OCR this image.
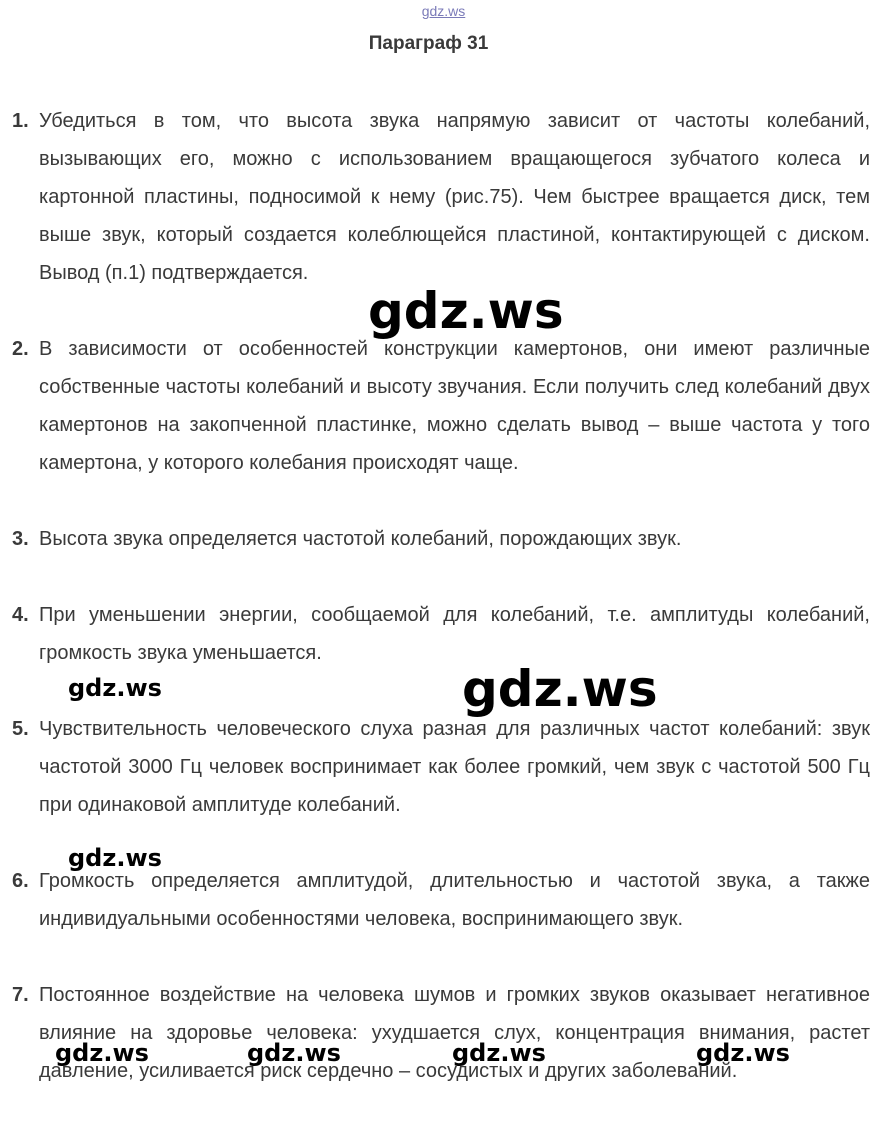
gdz.ws
Параграф 31
1. Убедиться в том, что высота звука напрямую зависит от частоты колебаний, вызывающих его, можно с использованием вращающегося зубчатого колеса и картонной пластины, подносимой к нему (рис.75). Чем быстрее вращается диск, тем выше звук, который создается колеблющейся пластиной, контактирующей с диском. Вывод (п.1) подтверждается.
2. В зависимости от особенностей конструкции камертонов, они имеют различные собственные частоты колебаний и высоту звучания. Если получить след колебаний двух камертонов на закопченной пластинке, можно сделать вывод – выше частота у того камертона, у которого колебания происходят чаще.
3. Высота звука определяется частотой колебаний, порождающих звук.
4. При уменьшении энергии, сообщаемой для колебаний, т.е. амплитуды колебаний, громкость звука уменьшается.
5. Чувствительность человеческого слуха разная для различных частот колебаний: звук частотой 3000 Гц человек воспринимает как более громкий, чем звук с частотой 500 Гц при одинаковой амплитуде колебаний.
6. Громкость определяется амплитудой, длительностью и частотой звука, а также индивидуальными особенностями человека, воспринимающего звук.
7. Постоянное воздействие на человека шумов и громких звуков оказывает негативное влияние на здоровье человека: ухудшается слух, концентрация внимания, растет давление, усиливается риск сердечно – сосудистых и других заболеваний.
gdz.ws
gdz.ws
gdz.ws
gdz.ws
gdz.ws	gdz.ws	gdz.ws	gdz.ws
